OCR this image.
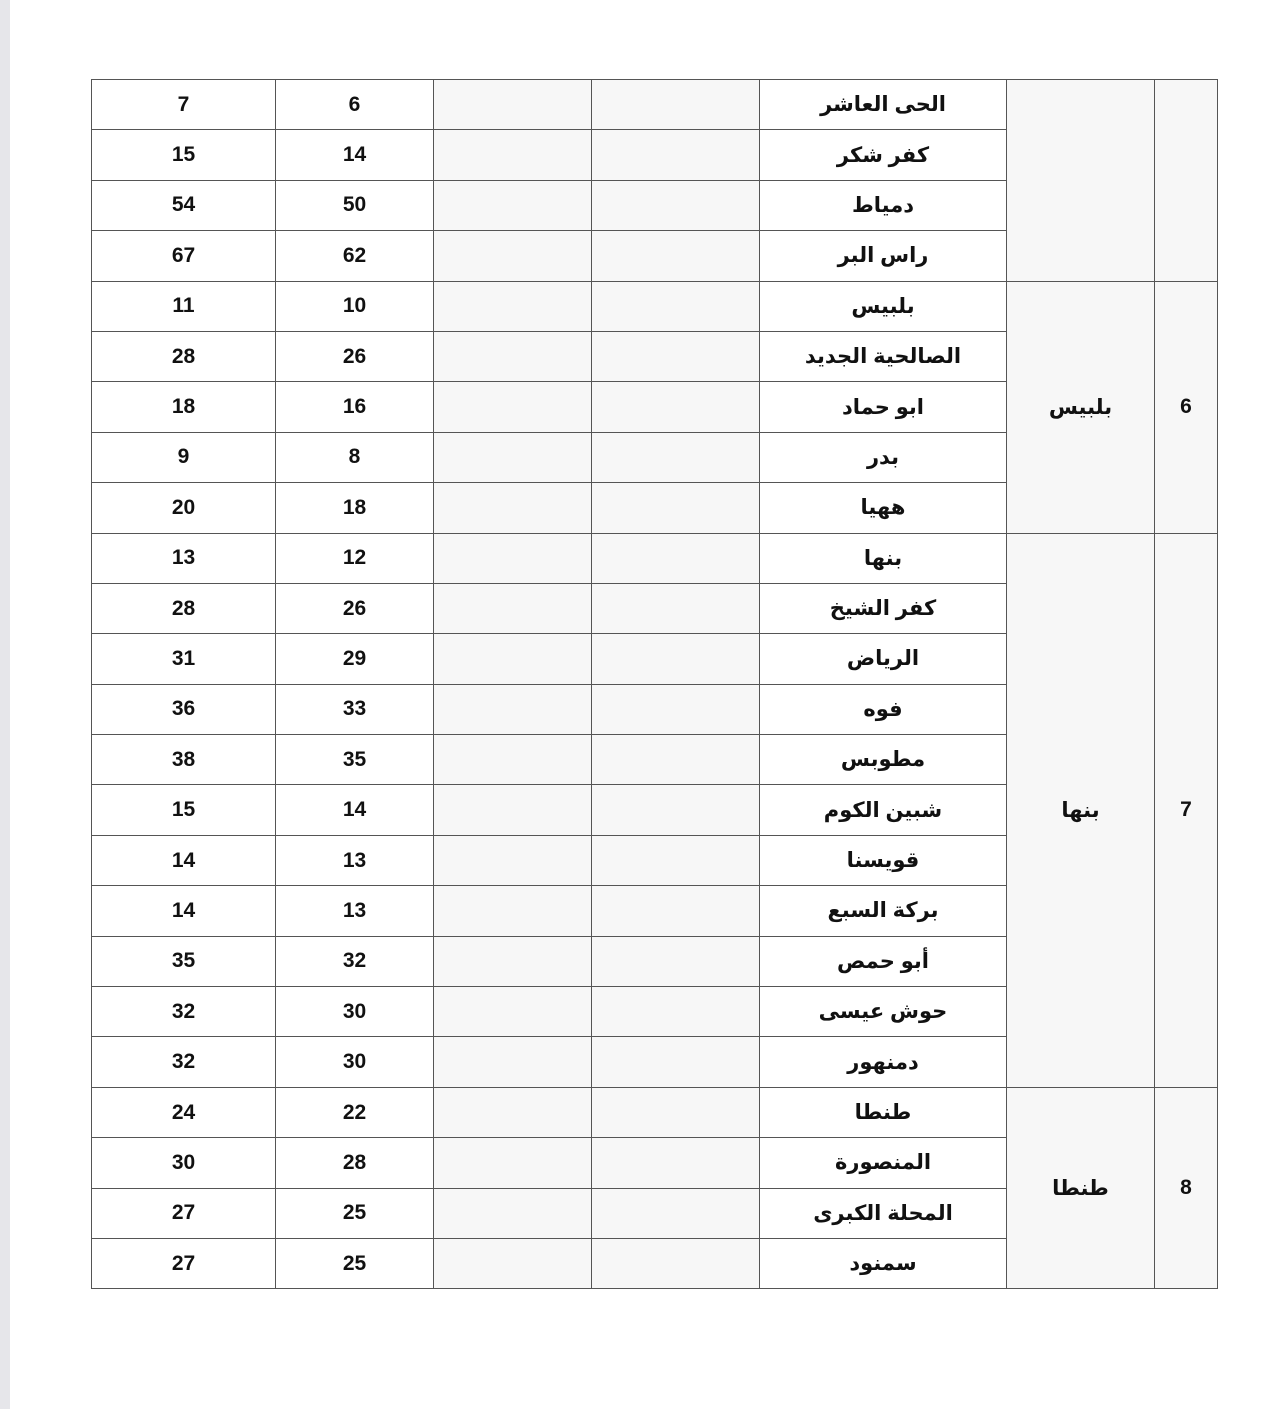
7	6			الحى العاشر		
15	14			كفر شكر		
54	50			دمياط		
67	62			راس البر		
11	10			بلبيس	بلبيس	6
28	26			الصالحية الجديد		
18	16			ابو حماد		
9	8			بدر		
20	18			ههيا		
13	12			بنها	بنها	7
28	26			كفر الشيخ		
31	29			الرياض		
36	33			فوه		
38	35			مطوبس		
15	14			شبين الكوم		
14	13			قويسنا		
14	13			بركة السبع		
35	32			أبو حمص		
32	30			حوش عيسى		
32	30			دمنهور		
24	22			طنطا	طنطا	8
30	28			المنصورة		
27	25			المحلة الكبرى		
27	25			سمنود		
